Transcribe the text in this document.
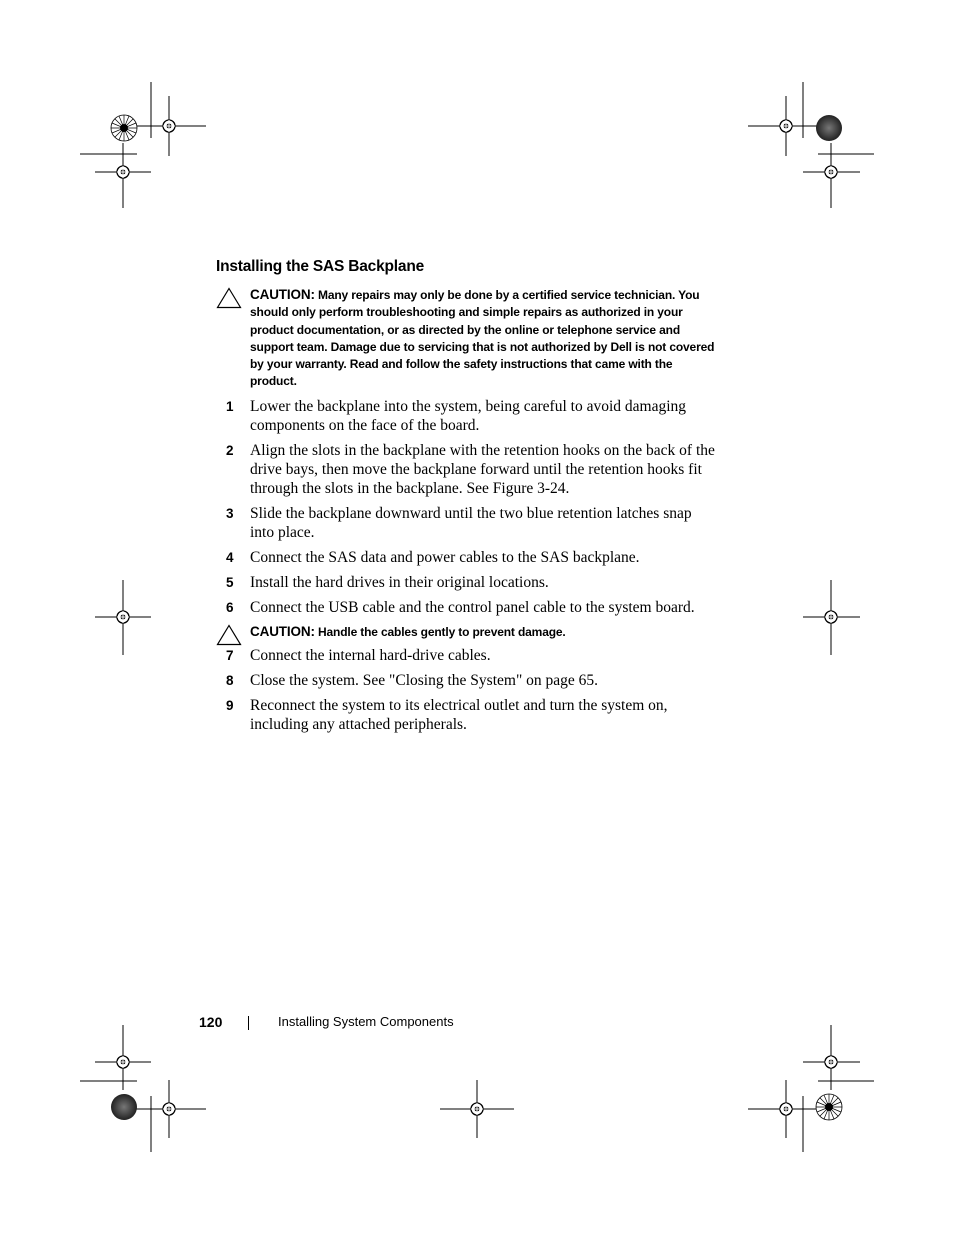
Installing the SAS Backplane
CAUTION: Many repairs may only be done by a certified service technician. You should only perform troubleshooting and simple repairs as authorized in your product documentation, or as directed by the online or telephone service and support team. Damage due to servicing that is not authorized by Dell is not covered by your warranty. Read and follow the safety instructions that came with the product.
1 Lower the backplane into the system, being careful to avoid damaging components on the face of the board.
2 Align the slots in the backplane with the retention hooks on the back of the drive bays, then move the backplane forward until the retention hooks fit through the slots in the backplane. See Figure 3-24.
3 Slide the backplane downward until the two blue retention latches snap into place.
4 Connect the SAS data and power cables to the SAS backplane.
5 Install the hard drives in their original locations.
6 Connect the USB cable and the control panel cable to the system board.
CAUTION: Handle the cables gently to prevent damage.
7 Connect the internal hard-drive cables.
8 Close the system. See "Closing the System" on page 65.
9 Reconnect the system to its electrical outlet and turn the system on, including any attached peripherals.
120	Installing System Components
